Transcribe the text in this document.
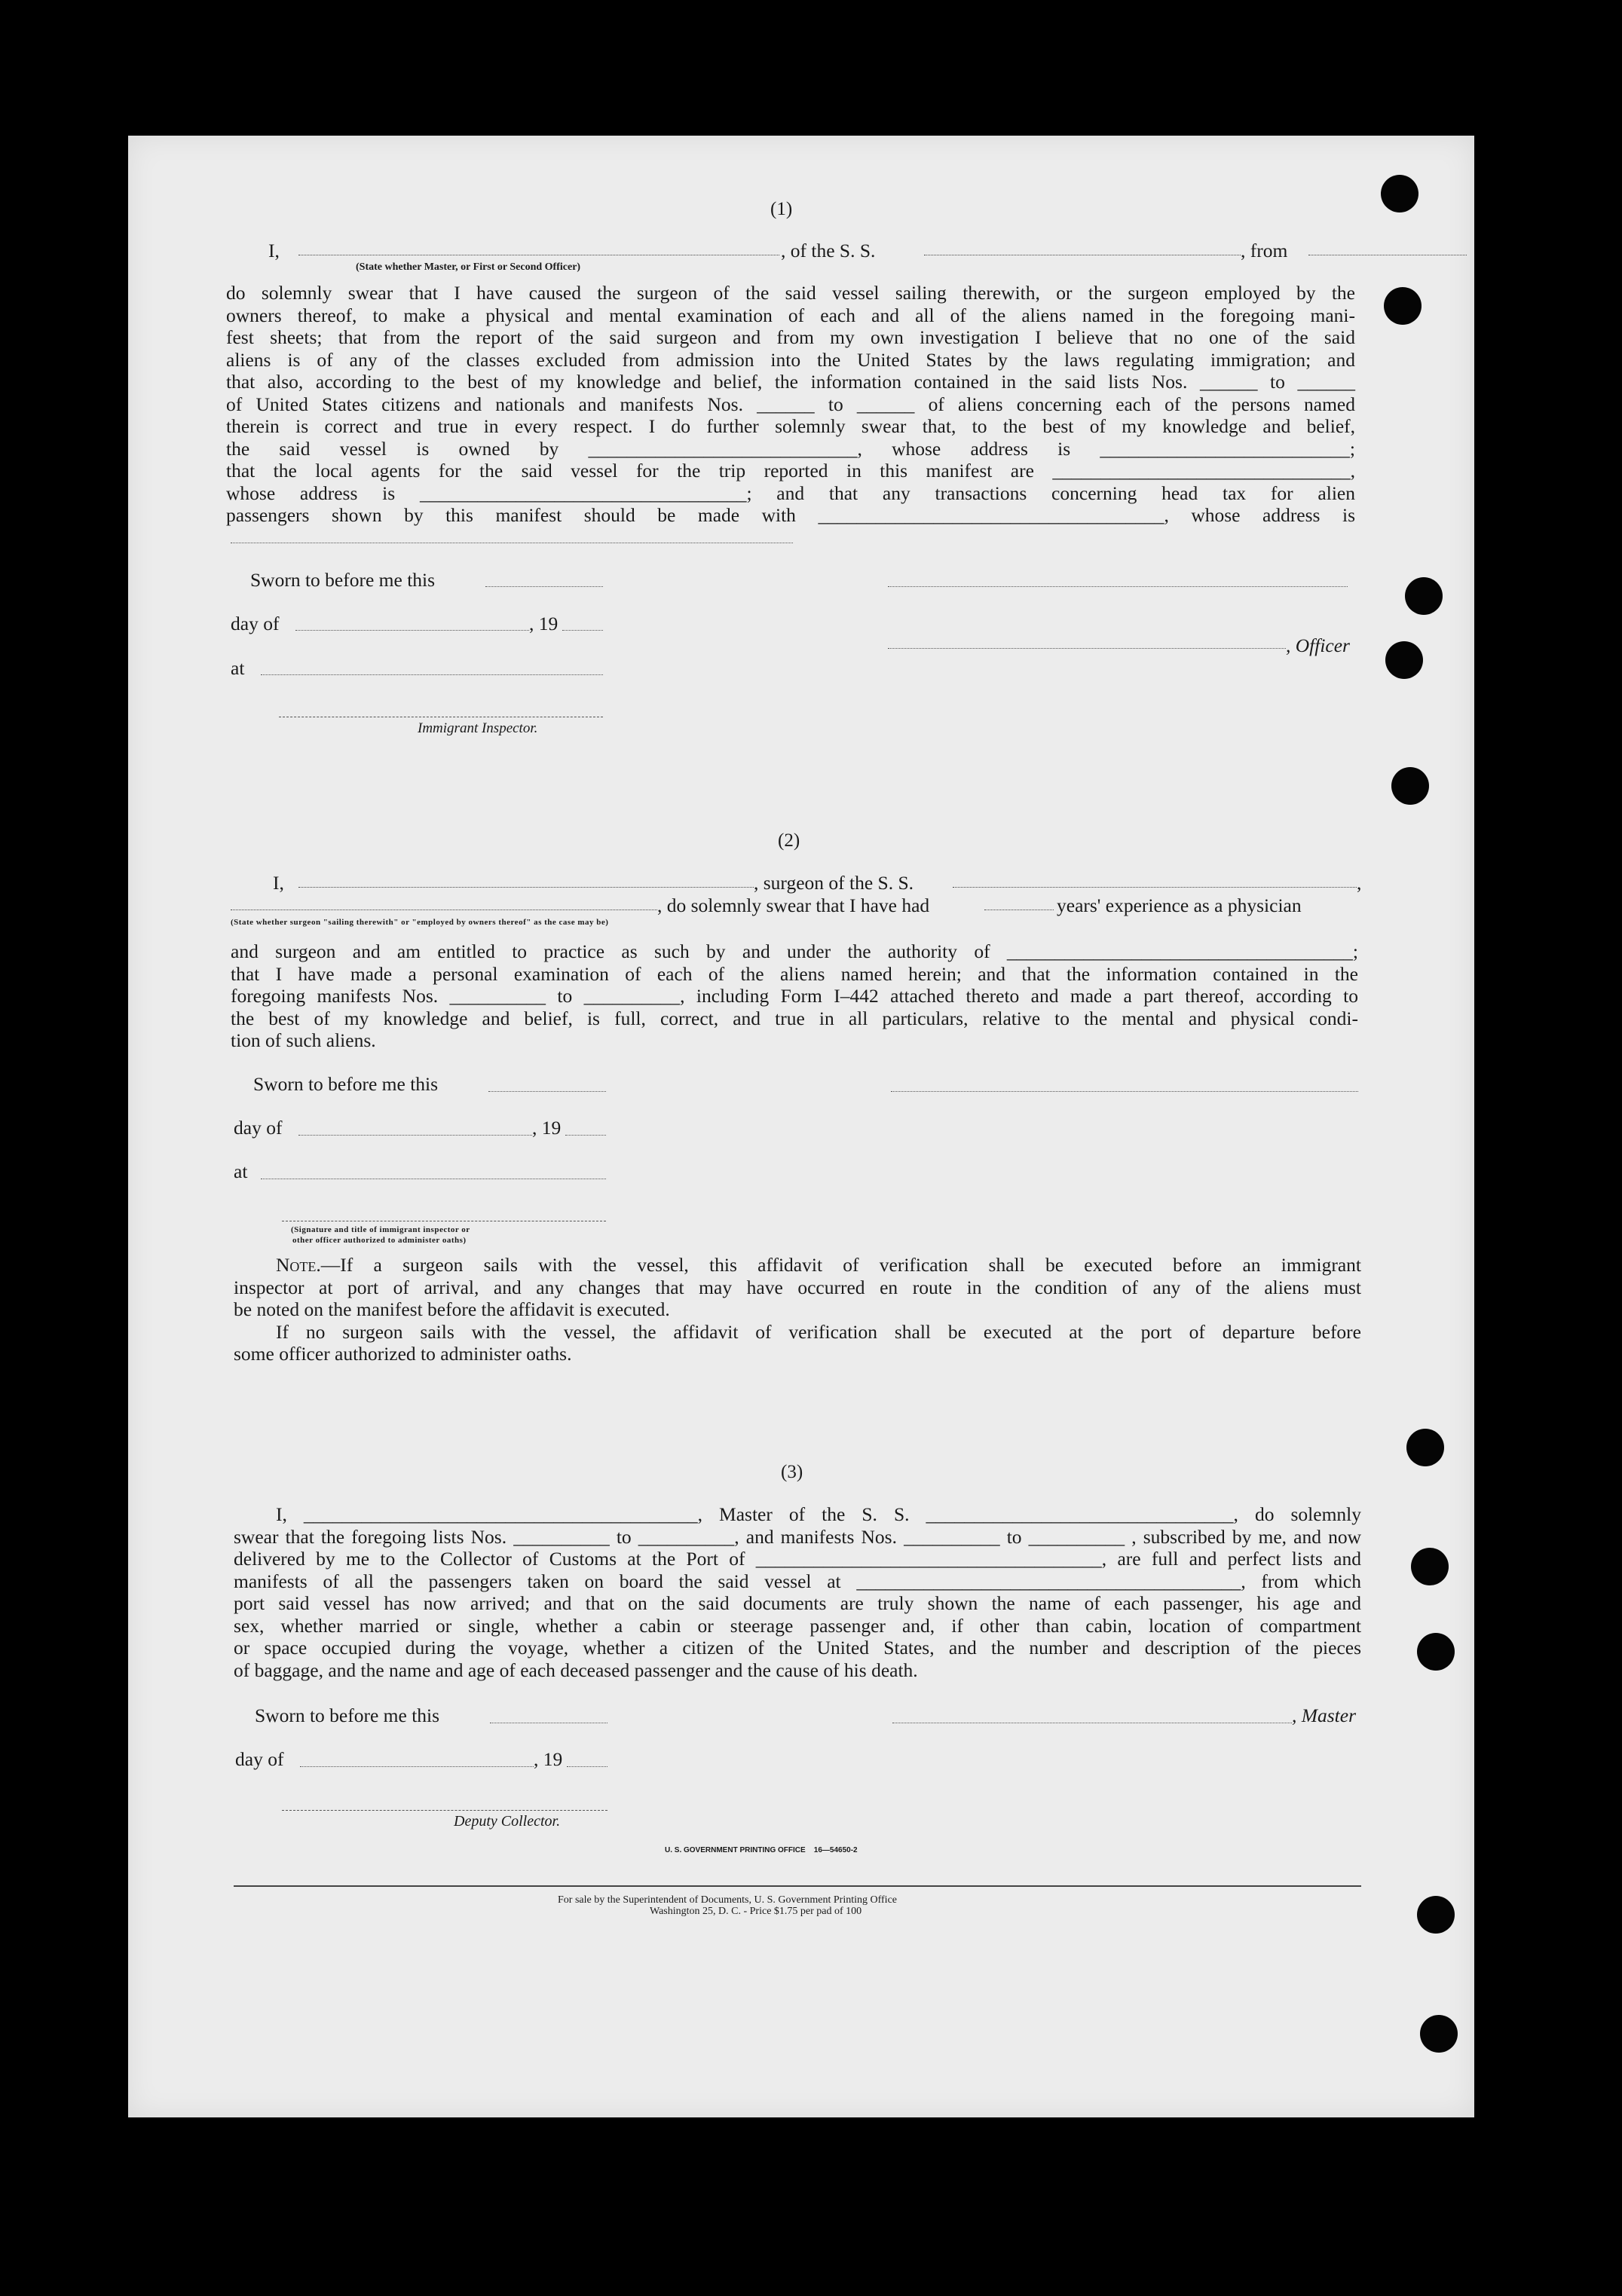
(1)
I,	, of the S. S.	, from
(State whether Master, or First or Second Officer)
do solemnly swear that I have caused the surgeon of the said vessel sailing therewith, or the surgeon employed by the
owners thereof, to make a physical and mental examination of each and all of the aliens named in the foregoing mani-
fest sheets; that from the report of the said surgeon and from my own investigation I believe that no one of the said
aliens is of any of the classes excluded from admission into the United States by the laws regulating immigration; and
that also, according to the best of my knowledge and belief, the information contained in the said lists Nos. ______ to ______
of United States citizens and nationals and manifests Nos. ______ to ______ of aliens concerning each of the persons named
therein is correct and true in every respect. I do further solemnly swear that, to the best of my knowledge and belief,
the said vessel is owned by ____________________________, whose address is __________________________;
that the local agents for the said vessel for the trip reported in this manifest are _______________________________,
whose address is __________________________________; and that any transactions concerning head tax for alien
passengers shown by this manifest should be made with ____________________________________, whose address is
Sworn to before me this
day of	, 19
, Officer
at
Immigrant Inspector.
(2)
I,	, surgeon of the S. S.	,
, do solemnly swear that I have had	years' experience as a physician
(State whether surgeon "sailing therewith" or "employed by owners thereof" as the case may be)
and surgeon and am entitled to practice as such by and under the authority of ____________________________________;
that I have made a personal examination of each of the aliens named herein; and that the information contained in the
foregoing manifests Nos. __________ to __________, including Form I–442 attached thereto and made a part thereof, according to
the best of my knowledge and belief, is full, correct, and true in all particulars, relative to the mental and physical condi-
tion of such aliens.
Sworn to before me this
day of	, 19
at
(Signature and title of immigrant inspector or
other officer authorized to administer oaths)
Note.—If a surgeon sails with the vessel, this affidavit of verification shall be executed before an immigrant
inspector at port of arrival, and any changes that may have occurred en route in the condition of any of the aliens must
be noted on the manifest before the affidavit is executed.
If no surgeon sails with the vessel, the affidavit of verification shall be executed at the port of departure before
some officer authorized to administer oaths.
(3)
I, _________________________________________, Master of the S. S. ________________________________, do solemnly
swear that the foregoing lists Nos. __________ to __________, and manifests Nos. __________ to __________ , subscribed by me, and now
delivered by me to the Collector of Customs at the Port of ____________________________________, are full and perfect lists and
manifests of all the passengers taken on board the said vessel at ________________________________________, from which
port said vessel has now arrived; and that on the said documents are truly shown the name of each passenger, his age and
sex, whether married or single, whether a cabin or steerage passenger and, if other than cabin, location of compartment
or space occupied during the voyage, whether a citizen of the United States, and the number and description of the pieces
of baggage, and the name and age of each deceased passenger and the cause of his death.
Sworn to before me this	, Master
day of	, 19
Deputy Collector.
U. S. GOVERNMENT PRINTING OFFICE    16—54650-2
For sale by the Superintendent of Documents, U. S. Government Printing Office
Washington 25, D. C. - Price $1.75 per pad of 100
